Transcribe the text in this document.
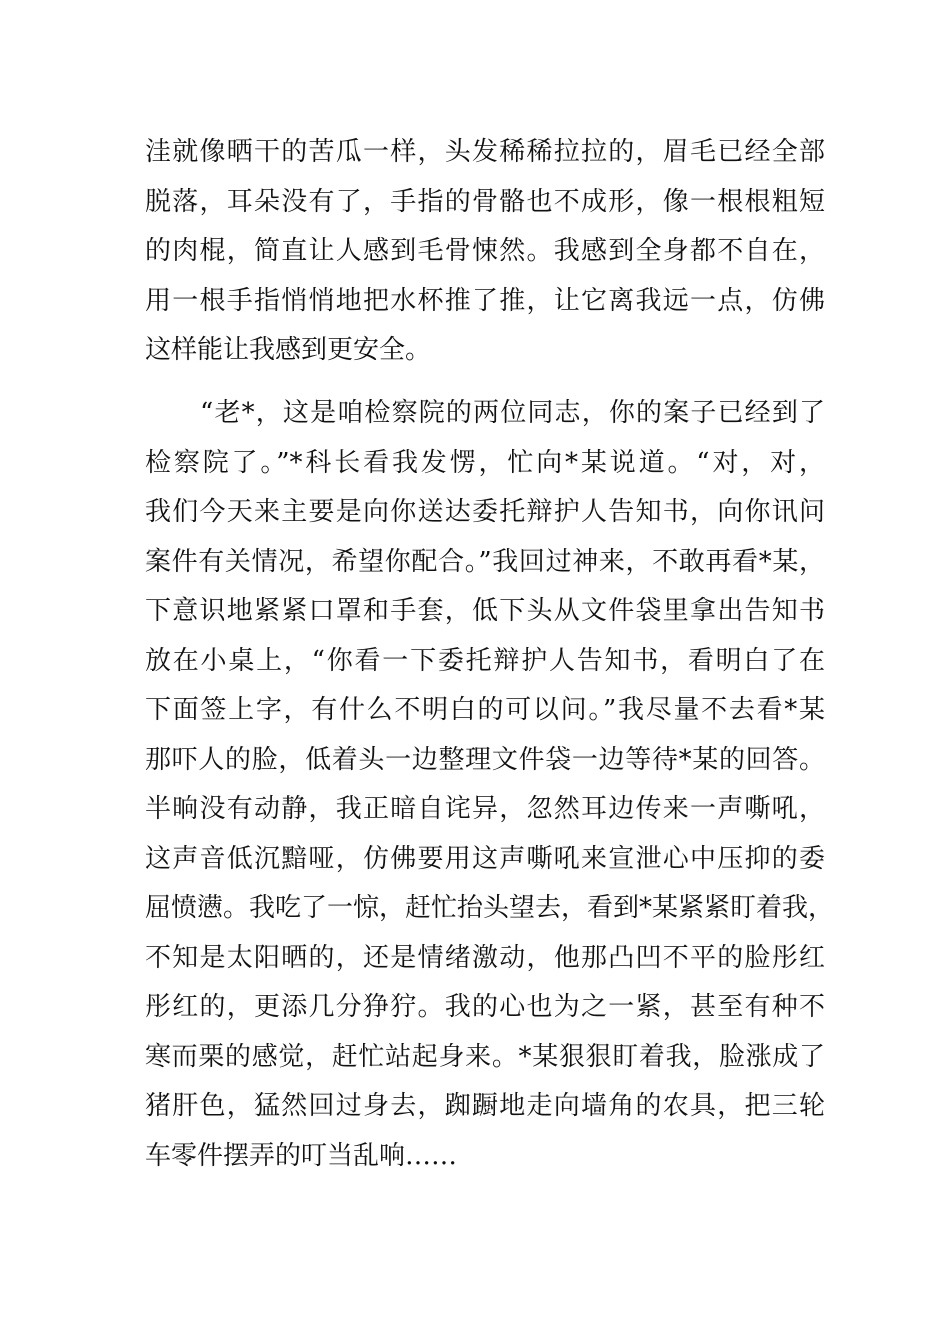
洼就像晒干的苦瓜一样，头发稀稀拉拉的，眉毛已经全部
脱落，耳朵没有了，手指的骨骼也不成形，像一根根粗短
的肉棍，简直让人感到毛骨悚然。我感到全身都不自在，
用一根手指悄悄地把水杯推了推，让它离我远一点，仿佛
这样能让我感到更安全。
“老*，这是咱检察院的两位同志，你的案子已经到了
检察院了。”*科长看我发愣，忙向*某说道。“对，对，
我们今天来主要是向你送达委托辩护人告知书，向你讯问
案件有关情况，希望你配合。”我回过神来，不敢再看*某，
下意识地紧紧口罩和手套，低下头从文件袋里拿出告知书
放在小桌上，“你看一下委托辩护人告知书，看明白了在
下面签上字，有什么不明白的可以问。”我尽量不去看*某
那吓人的脸，低着头一边整理文件袋一边等待*某的回答。
半晌没有动静，我正暗自诧异，忽然耳边传来一声嘶吼，
这声音低沉黯哑，仿佛要用这声嘶吼来宣泄心中压抑的委
屈愤懑。我吃了一惊，赶忙抬头望去，看到*某紧紧盯着我，
不知是太阳晒的，还是情绪激动，他那凸凹不平的脸彤红
彤红的，更添几分狰狞。我的心也为之一紧，甚至有种不
寒而栗的感觉，赶忙站起身来。*某狠狠盯着我，脸涨成了
猪肝色，猛然回过身去，踟蹰地走向墙角的农具，把三轮
车零件摆弄的叮当乱响……
